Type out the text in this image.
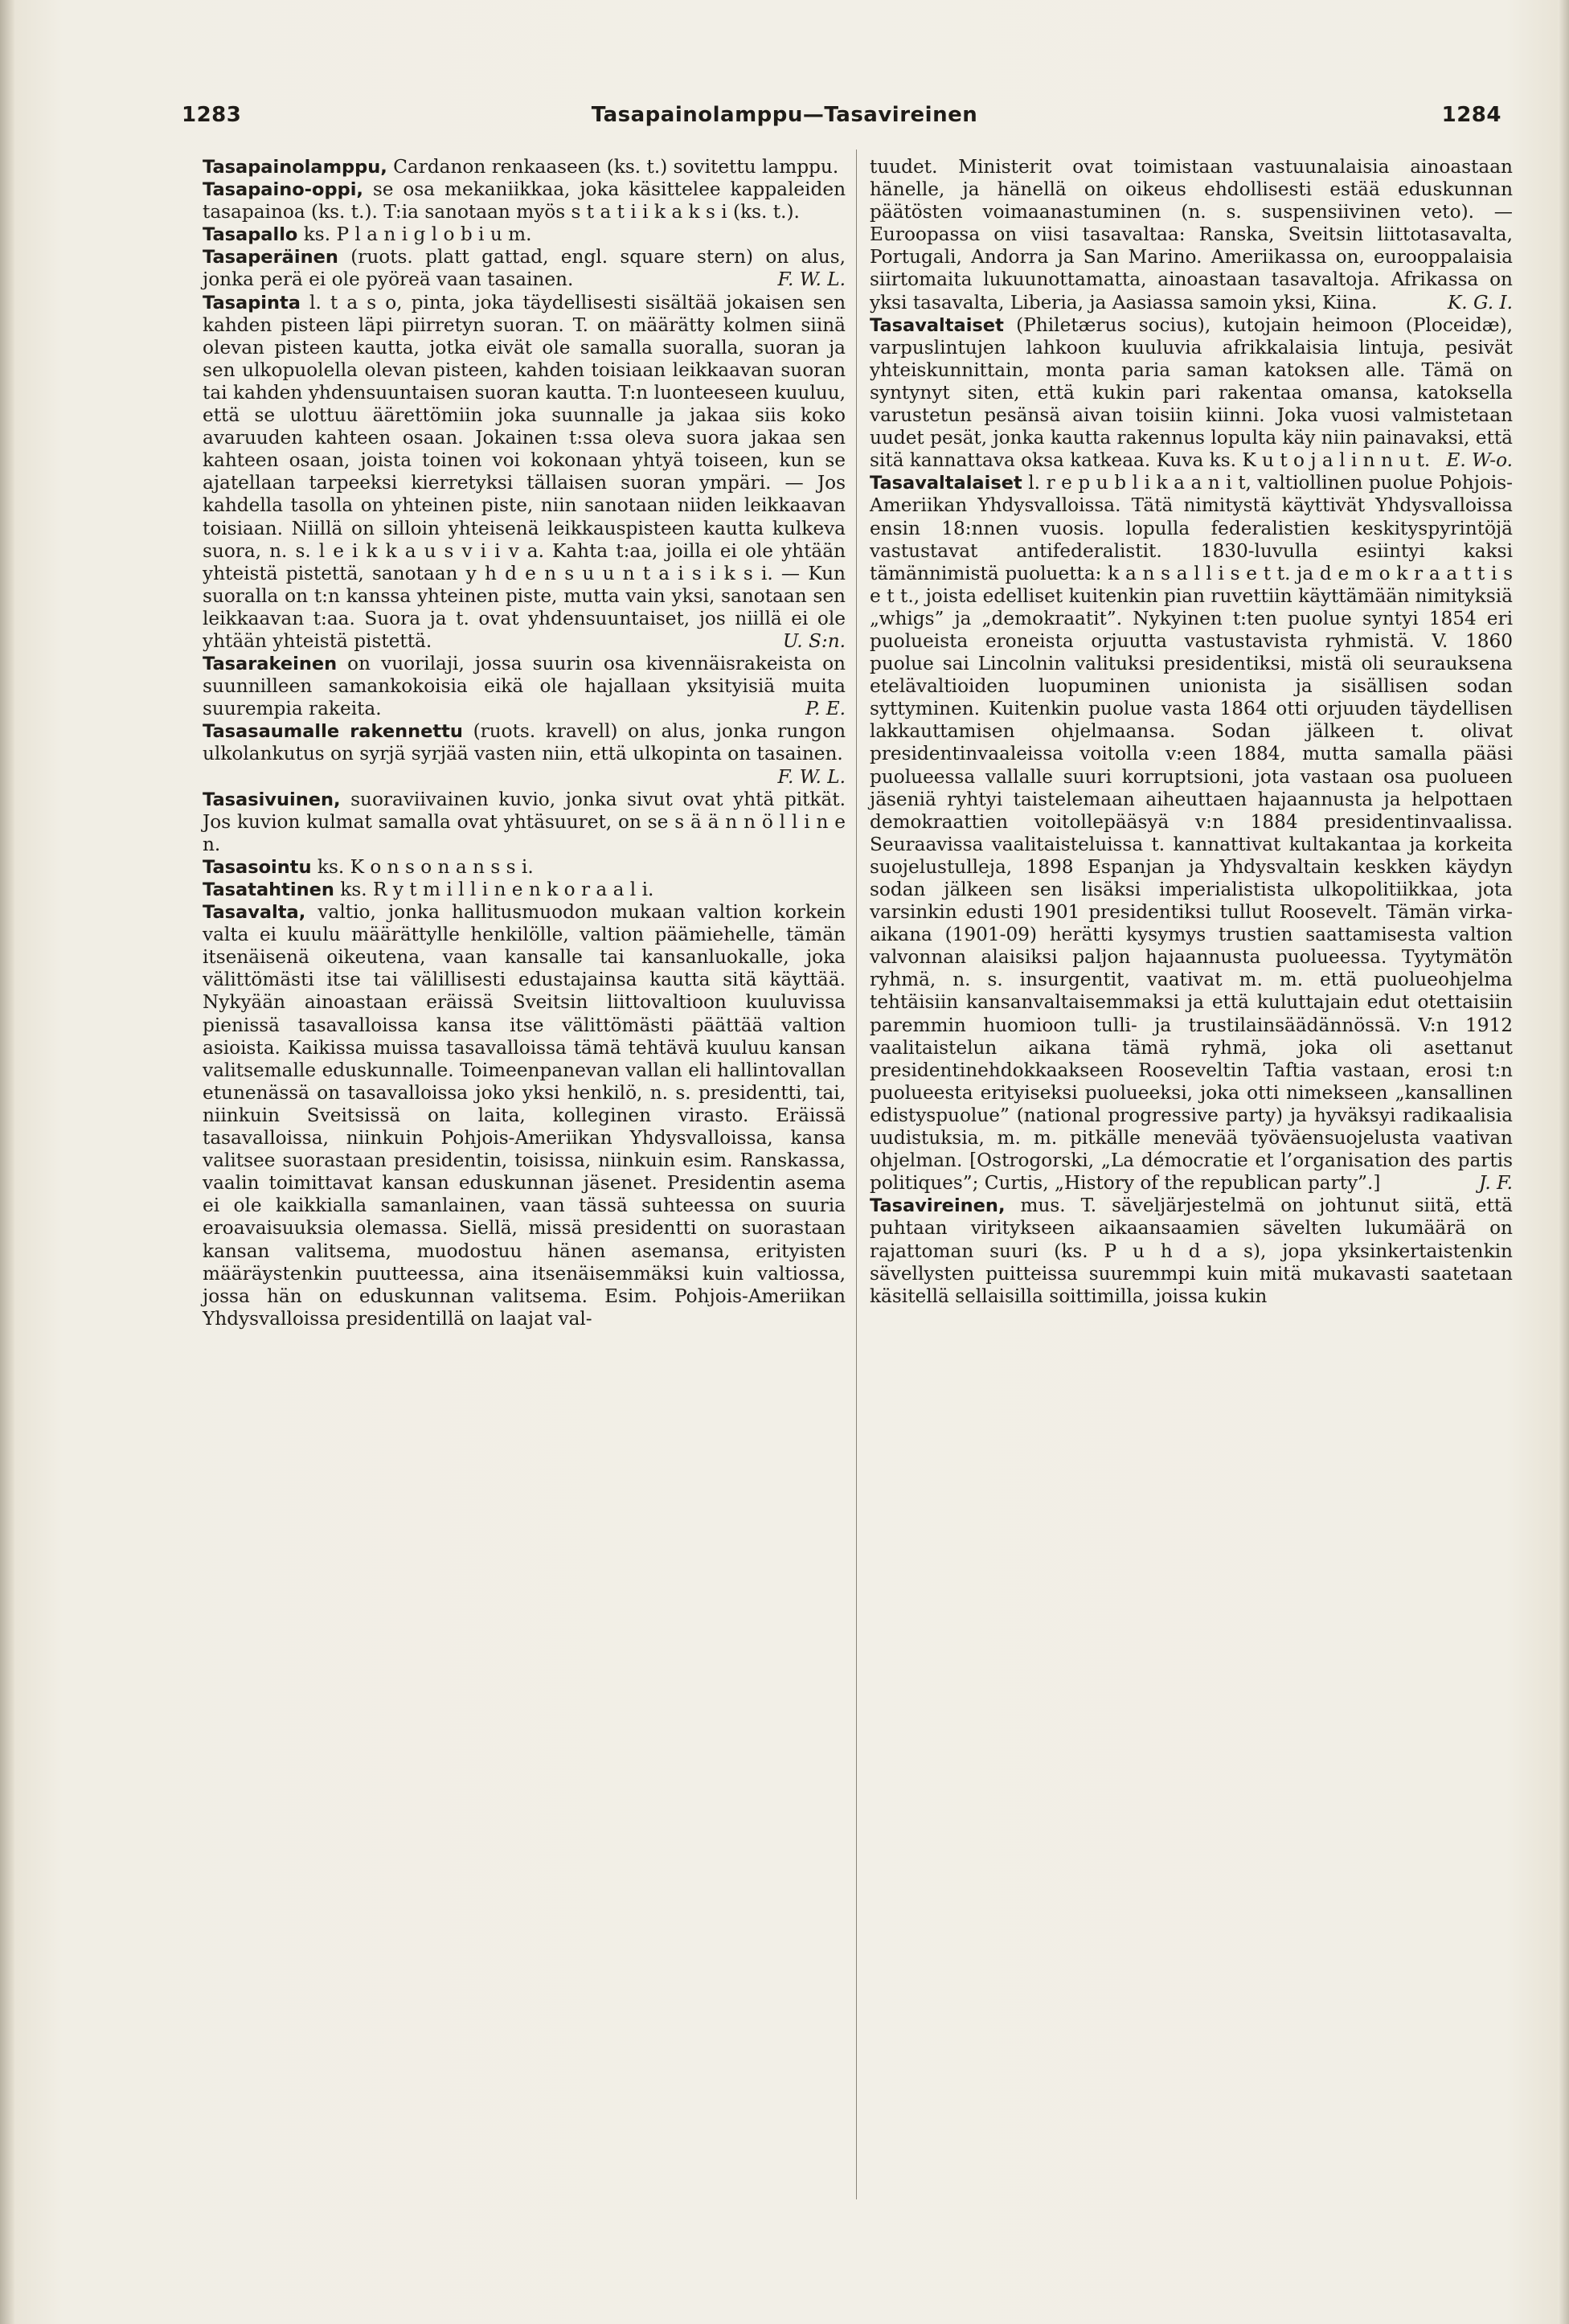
Tasapainolamppu—Tasavireinen
1283	1284

Tasapainolamppu, Cardanon renkaaseen (ks. t.) sovitettu lamppu.

Tasapaino-oppi, se osa mekaniikkaa, joka käsittelee kappaleiden tasapainoa (ks. t.). T:ia sanotaan myös s t a t i i k a k s i (ks. t.).

Tasapallo ks. P l a n i g l o b i u m.

Tasaperäinen (ruots. platt gattad, engl. square stern) on alus, jonka perä ei ole pyöreä vaan tasainen.	F. W. L.

Tasapinta l. t a s o, pinta, joka täydellisesti sisältää jokaisen sen kahden pisteen läpi piirretyn suoran. T. on määrätty kolmen siinä olevan pisteen kautta, jotka eivät ole samalla suoralla, suoran ja sen ulkopuolella olevan pisteen, kahden toisiaan leikkaavan suoran tai kahden yhdensuuntaisen suoran kautta. T:n luonteeseen kuuluu, että se ulottuu äärettömiin joka suunnalle ja jakaa siis koko avaruuden kahteen osaan. Jokainen t:ssa oleva suora jakaa sen kahteen osaan, joista toinen voi kokonaan yhtyä toiseen, kun se ajatellaan tarpeeksi kierretyksi tällaisen suoran ympäri. — Jos kahdella tasolla on yhteinen piste, niin sanotaan niiden leikkaavan toisiaan. Niillä on silloin yhteisenä leikkauspisteen kautta kulkeva suora, n. s. l e i k k a u s v i i v a. Kahta t:aa, joilla ei ole yhtään yhteistä pistettä, sanotaan y h d e n s u u n t a i s i k s i. — Kun suoralla on t:n kanssa yhteinen piste, mutta vain yksi, sanotaan sen leikkaavan t:aa. Suora ja t. ovat yhdensuuntaiset, jos niillä ei ole yhtään yhteistä pistettä.	U. S:n.

Tasarakeinen on vuorilaji, jossa suurin osa kivennäisrakeista on suunnilleen samankokoisia eikä ole hajallaan yksityisiä muita suurempia rakeita.	P. E.

Tasasaumalle rakennettu (ruots. kravell) on alus, jonka rungon ulkolankutus on syrjä syrjää vasten niin, että ulkopinta on tasainen.
F. W. L.

Tasasivuinen, suoraviivainen kuvio, jonka sivut ovat yhtä pitkät. Jos kuvion kulmat samalla ovat yhtäsuuret, on se s ä ä n n ö l l i n e n.

Tasasointu ks. K o n s o n a n s s i.

Tasatahtinen ks. R y t m i l l i n e n k o r a a l i.

Tasavalta, valtio, jonka hallitusmuodon mukaan valtion korkein valta ei kuulu määrättylle henkilölle, valtion päämiehelle, tämän itsenäisenä oikeutena, vaan kansalle tai kansanluokalle, joka välittömästi itse tai välillisesti edustajainsa kautta sitä käyttää. Nykyään ainoastaan eräissä Sveitsin liittovaltioon kuuluvissa pienissä tasavalloissa kansa itse välittömästi päättää valtion asioista. Kaikissa muissa tasavalloissa tämä tehtävä kuuluu kansan valitsemalle eduskunnalle. Toimeenpanevan vallan eli hallintovallan etunenässä on tasavalloissa joko yksi henkilö, n. s. presidentti, tai, niinkuin Sveitsissä on laita, kolleginen virasto. Eräissä tasavalloissa, niinkuin Pohjois-Ameriikan Yhdysvalloissa, kansa valitsee suorastaan presidentin, toisissa, niinkuin esim. Ranskassa, vaalin toimittavat kansan eduskunnan jäsenet. Presidentin asema ei ole kaikkialla samanlainen, vaan tässä suhteessa on suuria eroavaisuuksia olemassa. Siellä, missä presidentti on suorastaan kansan valitsema, muodostuu hänen asemansa, erityisten määräystenkin puutteessa, aina itsenäisemmäksi kuin valtiossa, jossa hän on eduskunnan valitsema. Esim. Pohjois-Ameriikan Yhdysvalloissa presidentillä on laajat val-

tuudet. Ministerit ovat toimistaan vastuunalaisia ainoastaan hänelle, ja hänellä on oikeus ehdollisesti estää eduskunnan päätösten voimaanastuminen (n. s. suspensiivinen veto). — Euroopassa on viisi tasavaltaa: Ranska, Sveitsin liittotasavalta, Portugali, Andorra ja San Marino. Ameriikassa on, eurooppalaisia siirtomaita lukuunottamatta, ainoastaan tasavaltoja. Afrikassa on yksi tasavalta, Liberia, ja Aasiassa samoin yksi, Kiina.	K. G. I.

Tasavaltaiset (Philetærus socius), kutojain heimoon (Ploceidæ), varpuslintujen lahkoon kuuluvia afrikkalaisia lintuja, pesivät yhteiskunnittain, monta paria saman katoksen alle. Tämä on syntynyt siten, että kukin pari rakentaa omansa, katoksella varustetun pesänsä aivan toisiin kiinni. Joka vuosi valmistetaan uudet pesät, jonka kautta rakennus lopulta käy niin painavaksi, että sitä kannattava oksa katkeaa. Kuva ks. K u t o j a l i n n u t. E. W-o.

Tasavaltalaiset l. r e p u b l i k a a n i t, valtiollinen puolue Pohjois-Ameriikan Yhdysvalloissa. Tätä nimitystä käyttivät Yhdysvalloissa ensin 18:nnen vuosis. lopulla federalistien keskityspyrintöjä vastustavat antifederalistit. 1830-luvulla esiintyi kaksi tämännimistä puoluetta: k a n s a l l i s e t t. ja d e m o k r a a t t i s e t t., joista edelliset kuitenkin pian ruvettiin käyttämään nimityksiä „whigs” ja „demokraatit”. Nykyinen t:ten puolue syntyi 1854 eri puolueista eroneista orjuutta vastustavista ryhmistä. V. 1860 puolue sai Lincolnin valituksi presidentiksi, mistä oli seurauksena etelävaltioiden luopuminen unionista ja sisällisen sodan syttyminen. Kuitenkin puolue vasta 1864 otti orjuuden täydellisen lakkauttamisen ohjelmaansa. Sodan jälkeen t. olivat presidentinvaaleissa voitolla v:een 1884, mutta samalla pääsi puolueessa vallalle suuri korruptsioni, jota vastaan osa puolueen jäseniä ryhtyi taistelemaan aiheuttaen hajaannusta ja helpottaen demokraattien voitollepääsyä v:n 1884 presidentinvaalissa. Seuraavissa vaalitaisteluissa t. kannattivat kultakantaa ja korkeita suojelustulleja, 1898 Espanjan ja Yhdysvaltain keskken käydyn sodan jälkeen sen lisäksi imperialistista ulkopolitiikkaa, jota varsinkin edusti 1901 presidentiksi tullut Roosevelt. Tämän virka-aikana (1901-09) herätti kysymys trustien saattamisesta valtion valvonnan alaisiksi paljon hajaannusta puolueessa. Tyytymätön ryhmä, n. s. insurgentit, vaativat m. m. että puolueohjelma tehtäisiin kansanvaltaisemmaksi ja että kuluttajain edut otettaisiin paremmin huomioon tulli- ja trustilainsäädännössä. V:n 1912 vaalitaistelun aikana tämä ryhmä, joka oli asettanut presidentinehdokkaakseen Rooseveltin Taftia vastaan, erosi t:n puolueesta erityiseksi puolueeksi, joka otti nimekseen „kansallinen edistyspuolue” (national progressive party) ja hyväksyi radikaalisia uudistuksia, m. m. pitkälle menevää työväensuojelusta vaativan ohjelman. [Ostrogorski, „La démocratie et l’organisation des partis politiques”; Curtis, „History of the republican party”.]	J. F.

Tasavireinen, mus. T. säveljärjestelmä on johtunut siitä, että puhtaan viritykseen aikaansaamien sävelten lukumäärä on rajattoman suuri (ks. P u h d a s), jopa yksinkertaistenkin sävellysten puitteissa suuremmpi kuin mitä mukavasti saatetaan käsitellä sellaisilla soittimilla, joissa kukin
